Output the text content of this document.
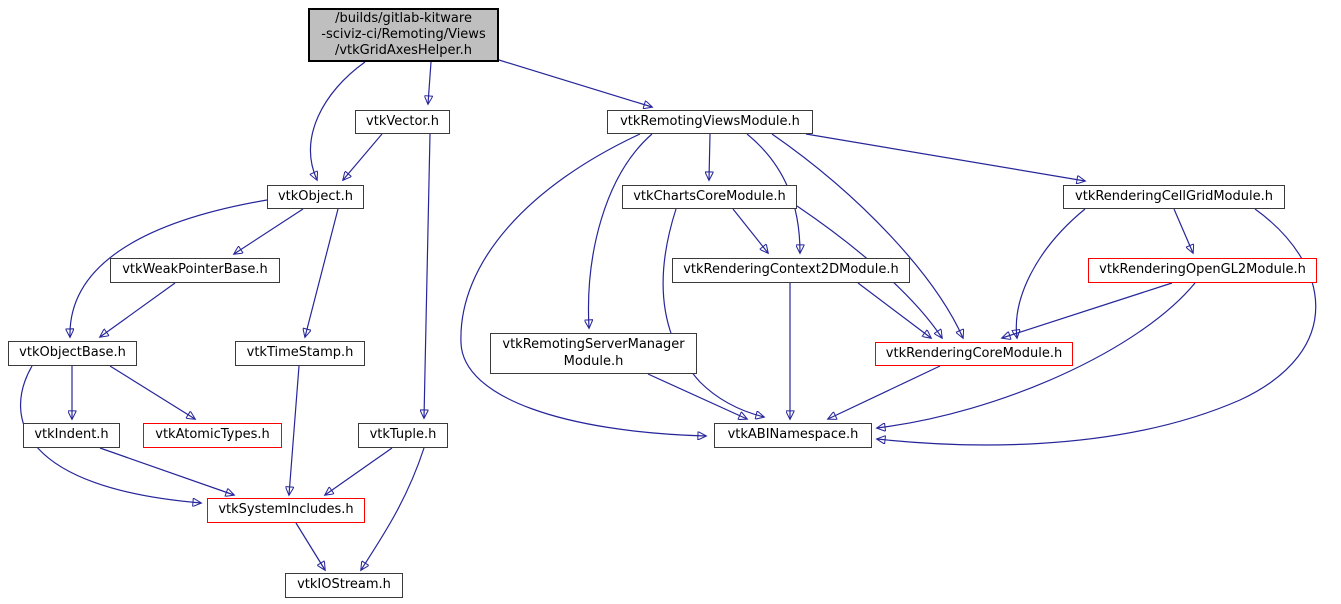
/builds/gitlab-kitware
-sciviz-ci/Remoting/Views
/vtkGridAxesHelper.h
vtkVector.h	vtkRemotingViewsModule.h
vtkObject.h	vtkChartsCoreModule.h	vtkRenderingCellGridModule.h
vtkWeakPointerBase.h	vtkRenderingContext2DModule.h	vtkRenderingOpenGL2Module.h
vtkObjectBase.h	vtkTimeStamp.h
vtkRemotingServerManager
Module.h
vtkRenderingCoreModule.h
vtkIndent.h	vtkAtomicTypes.h	vtkTuple.h	vtkABINamespace.h
vtkSystemIncludes.h
vtkIOStream.h
